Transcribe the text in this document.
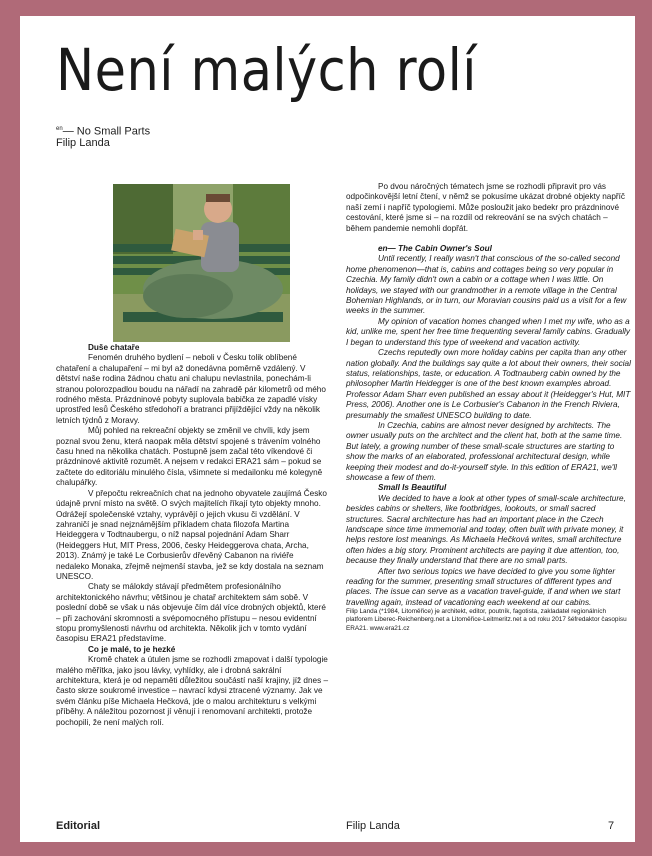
Není malých rolí
$^{en}$— No Small Parts
Filip Landa

Duše chataře

Fenomén druhého bydlení – neboli v Česku tolik oblíbené chataření a chalupaření – mi byl až donedávna poměrně vzdálený. V dětství naše rodina žádnou chatu ani chalupu nevlastnila, ponechám-li stranou polorozpadlou boudu na nářadí na zahradě pár kilometrů od mého rodného města. Prázdninové pobyty suplovala babička ze zapadlé vísky uprostřed lesů Českého středohoří a bratranci přijíždějící vždy na několik letních týdnů z Moravy.

Můj pohled na rekreační objekty se změnil ve chvíli, kdy jsem poznal svou ženu, která naopak měla dětství spojené s trávením volného času hned na několika chatách. Postupně jsem začal této víkendové či prázdninové aktivitě rozumět. A nejsem v redakci ERA21 sám – pokud se začtete do editoriálu minulého čísla, všimnete si medailonku mé kolegyně chalupářky.

V přepočtu rekreačních chat na jednoho obyvatele zaujímá Česko údajně první místo na světě. O svých majitelích říkají tyto objekty mnoho. Odrážejí společenské vztahy, vyprávějí o jejich vkusu či vzdělání. V zahraničí je snad nejznámějším příkladem chata filozofa Martina Heideggera v Todtnaubergu, o níž napsal pojednání Adam Sharr (Heideggers Hut, MIT Press, 2006, česky Heideggerova chata, Archa, 2013). Známý je také Le Corbusierův dřevěný Cabanon na riviéře nedaleko Monaka, zřejmě nejmenší stavba, jež se kdy dostala na seznam UNESCO.

Chaty se málokdy stávají předmětem profesionálního architektonického návrhu; většinou je chatař architektem sám sobě. V poslední době se však u nás objevuje čím dál více drobných objektů, které – při zachování skromnosti a svépomocného přístupu – nesou evidentní stopu promyšlenosti návrhu od architekta. Několik jich v tomto vydání časopisu ERA21 představíme.

Co je malé, to je hezké

Kromě chatek a útulen jsme se rozhodli zmapovat i další typologie malého měřítka, jako jsou lávky, vyhlídky, ale i drobná sakrální architektura, která je od nepaměti důležitou součástí naší krajiny, jíž dnes – často skrze soukromé investice – navrací kdysi ztracené významy. Jak ve svém článku píše Michaela Hečková, jde o malou architekturu s velkými příběhy. A náležitou pozornost jí věnují i renomovaní architekti, protože pochopili, že není malých rolí.

Po dvou náročných tématech jsme se rozhodli připravit pro vás odpočinkovější letní čtení, v němž se pokusíme ukázat drobné objekty napříč naší zemí i napříč typologiemi. Může posloužit jako bedekr pro prázdninové cestování, které jsme si – na rozdíl od rekreování se na svých chatách – během pandemie nemohli dopřát.

en— The Cabin Owner's Soul

Until recently, I really wasn't that conscious of the so-called second home phenomenon—that is, cabins and cottages being so very popular in Czechia. My family didn't own a cabin or a cottage when I was little. On holidays, we stayed with our grandmother in a remote village in the Central Bohemian Highlands, or in turn, our Moravian cousins paid us a visit for a few weeks in the summer.

My opinion of vacation homes changed when I met my wife, who as a kid, unlike me, spent her free time frequenting several family cabins. Gradually I began to understand this type of weekend and vacation activity.

Czechs reputedly own more holiday cabins per capita than any other nation globally. And the buildings say quite a lot about their owners, their social status, relationships, taste, or education. A Todtnauberg cabin owned by the philosopher Martin Heidegger is one of the best known examples abroad. Professor Adam Sharr even published an essay about it (Heidegger's Hut, MIT Press, 2006). Another one is Le Corbusier's Cabanon in the French Riviera, presumably the smallest UNESCO building to date.

In Czechia, cabins are almost never designed by architects. The owner usually puts on the architect and the client hat, both at the same time. But lately, a growing number of these small-scale structures are starting to show the marks of an elaborated, professional architectural design, while keeping their modest and do-it-yourself style. In this edition of ERA21, we'll showcase a few of them.

Small Is Beautiful

We decided to have a look at other types of small-scale architecture, besides cabins or shelters, like footbridges, lookouts, or small sacred structures. Sacral architecture has had an important place in the Czech landscape since time immemorial and today, often built with private money, it helps restore lost meanings. As Michaela Hečková writes, small architecture often hides a big story. Prominent architects are paying it due attention, too, because they finally understand that there are no small parts.

After two serious topics we have decided to give you some lighter reading for the summer, presenting small structures of different types and places. The issue can serve as a vacation travel-guide, if and when we start travelling again, instead of vacationing each weekend at our cabins.

Filip Landa (*1984, Litoměřice) je architekt, editor, poutník, fagotista, zakladatel regionálních platforem Liberec-Reichenberg.net a Litoměřice-Leitmeritz.net a od roku 2017 šéfredaktor časopisu ERA21. www.era21.cz

Editorial	Filip Landa	7
